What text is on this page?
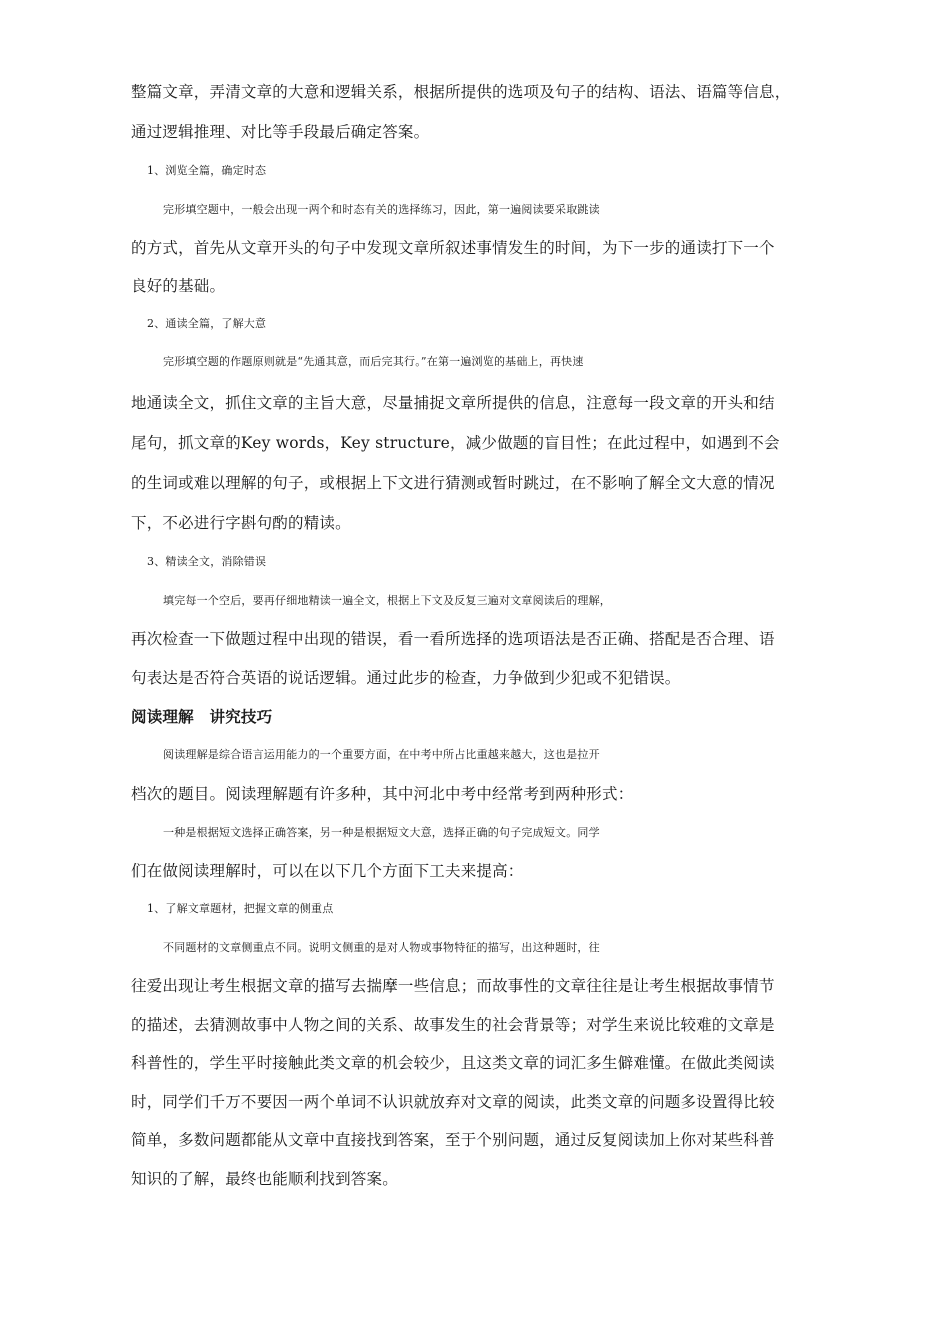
整篇文章，弄清文章的大意和逻辑关系，根据所提供的选项及句子的结构、语法、语篇等信息，
通过逻辑推理、对比等手段最后确定答案。
1、浏览全篇，确定时态
完形填空题中，一般会出现一两个和时态有关的选择练习，因此，第一遍阅读要采取跳读
的方式，首先从文章开头的句子中发现文章所叙述事情发生的时间，为下一步的通读打下一个
良好的基础。
2、通读全篇，了解大意
完形填空题的作题原则就是“先通其意，而后完其行。”在第一遍浏览的基础上，再快速
地通读全文，抓住文章的主旨大意，尽量捕捉文章所提供的信息，注意每一段文章的开头和结
尾句，抓文章的Key words，Key structure，减少做题的盲目性；在此过程中，如遇到不会
的生词或难以理解的句子，或根据上下文进行猜测或暂时跳过，在不影响了解全文大意的情况
下，不必进行字斟句酌的精读。
3、精读全文，消除错误
填完每一个空后，要再仔细地精读一遍全文，根据上下文及反复三遍对文章阅读后的理解，
再次检查一下做题过程中出现的错误，看一看所选择的选项语法是否正确、搭配是否合理、语
句表达是否符合英语的说话逻辑。通过此步的检查，力争做到少犯或不犯错误。
阅读理解　讲究技巧
阅读理解是综合语言运用能力的一个重要方面，在中考中所占比重越来越大，这也是拉开
档次的题目。阅读理解题有许多种，其中河北中考中经常考到两种形式：
一种是根据短文选择正确答案，另一种是根据短文大意，选择正确的句子完成短文。同学
们在做阅读理解时，可以在以下几个方面下工夫来提高：
1、了解文章题材，把握文章的侧重点
不同题材的文章侧重点不同。说明文侧重的是对人物或事物特征的描写，出这种题时，往
往爱出现让考生根据文章的描写去揣摩一些信息；而故事性的文章往往是让考生根据故事情节
的描述，去猜测故事中人物之间的关系、故事发生的社会背景等；对学生来说比较难的文章是
科普性的，学生平时接触此类文章的机会较少，且这类文章的词汇多生僻难懂。在做此类阅读
时，同学们千万不要因一两个单词不认识就放弃对文章的阅读，此类文章的问题多设置得比较
简单，多数问题都能从文章中直接找到答案，至于个别问题，通过反复阅读加上你对某些科普
知识的了解，最终也能顺利找到答案。
